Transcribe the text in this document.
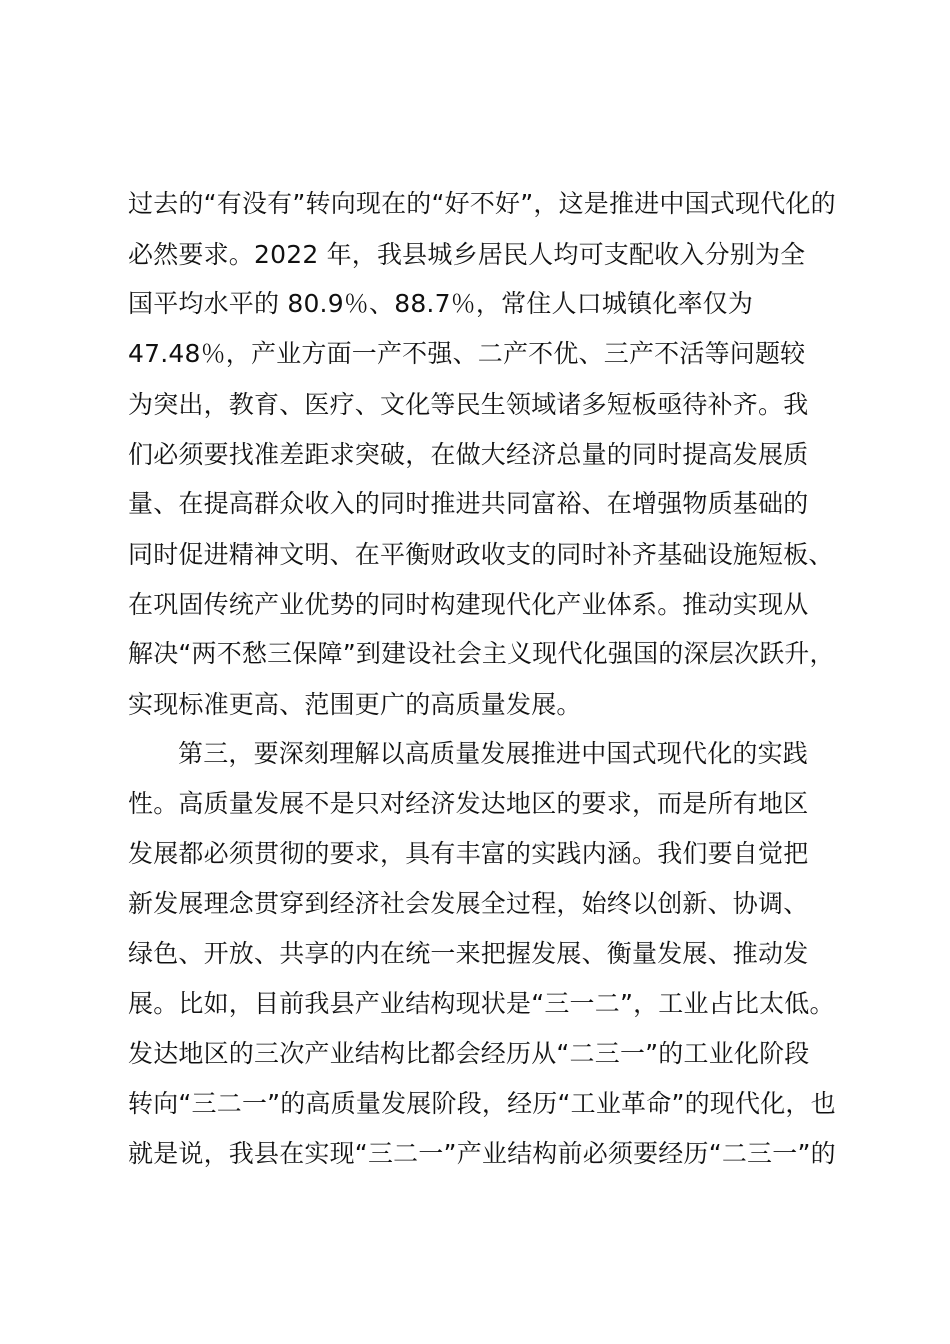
过去的“有没有”转向现在的“好不好”，这是推进中国式现代化的
必然要求。2022 年，我县城乡居民人均可支配收入分别为全
国平均水平的 80.9％、88.7％，常住人口城镇化率仅为
47.48％，产业方面一产不强、二产不优、三产不活等问题较
为突出，教育、医疗、文化等民生领域诸多短板亟待补齐。我
们必须要找准差距求突破，在做大经济总量的同时提高发展质
量、在提高群众收入的同时推进共同富裕、在增强物质基础的
同时促进精神文明、在平衡财政收支的同时补齐基础设施短板、
在巩固传统产业优势的同时构建现代化产业体系。推动实现从
解决“两不愁三保障”到建设社会主义现代化强国的深层次跃升，
实现标准更高、范围更广的高质量发展。
第三，要深刻理解以高质量发展推进中国式现代化的实践
性。高质量发展不是只对经济发达地区的要求，而是所有地区
发展都必须贯彻的要求，具有丰富的实践内涵。我们要自觉把
新发展理念贯穿到经济社会发展全过程，始终以创新、协调、
绿色、开放、共享的内在统一来把握发展、衡量发展、推动发
展。比如，目前我县产业结构现状是“三一二”，工业占比太低。
发达地区的三次产业结构比都会经历从“二三一”的工业化阶段
转向“三二一”的高质量发展阶段，经历“工业革命”的现代化，也
就是说，我县在实现“三二一”产业结构前必须要经历“二三一”的
